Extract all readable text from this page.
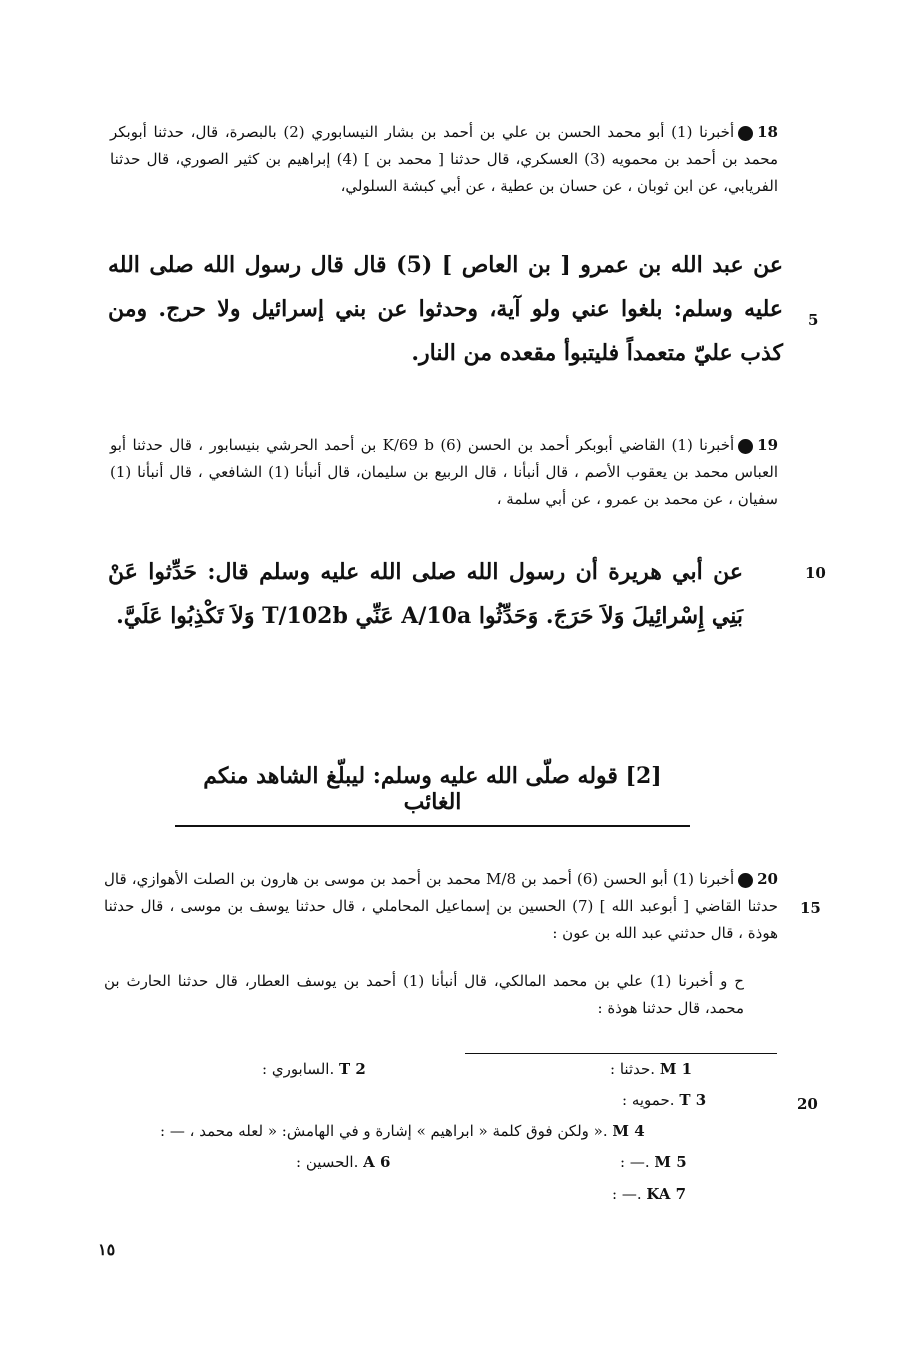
18أخبرنا (1) أبو محمد الحسن بن علي بن أحمد بن بشار النيسابوري (2) بالبصرة، قال، حدثنا أبوبكر محمد بن أحمد بن محمويه (3) العسكري، قال حدثنا [ محمد بن ] (4) إبراهيم بن كثير الصوري، قال حدثنا الفريابي، عن ابن ثوبان ، عن حسان بن عطية ، عن أبي كبشة السلولي،
عن عبد الله بن عمرو [ بن العاص ] (5) قال قال رسول الله صلى الله عليه وسلم: بلغوا عني ولو آية، وحدثوا عن بني إسرائيل ولا حرج. ومن كذب عليّ متعمداً فليتبوأ مقعده من النار.
5
19أخبرنا (1) القاضي أبوبكر أحمد بن الحسن (6) K/69 b بن أحمد الحرشي بنيسابور ، قال حدثنا أبو العباس محمد بن يعقوب الأصم ، قال أنبأنا ، قال الربيع بن سليمان، قال أنبأنا (1) الشافعي ، قال أنبأنا (1) سفيان ، عن محمد بن عمرو ، عن أبي سلمة ،
عن أبي هريرة أن رسول الله صلى الله عليه وسلم قال: حَدِّثوا عَنْ بَنِي إِسْرائِيلَ وَلاَ حَرَجَ. وَحَدِّثُوا A/10a عَنِّي T/102b وَلاَ تَكْذِبُوا عَلَيَّ.
10
[2] قوله صلّى الله عليه وسلم: ليبلّغ الشاهد منكم الغائب
20أخبرنا (1) أبو الحسن (6) أحمد بن M/8 محمد بن أحمد بن موسى بن هارون بن الصلت الأهوازي، قال حدثنا القاضي [ أبوعبد الله ] (7) الحسين بن إسماعيل المحاملي ، قال حدثنا يوسف بن موسى ، قال حدثنا هوذة ، قال حدثني عبد الله بن عون :
15
ح و أخبرنا (1) علي بن محمد المالكي، قال أنبأنا (1) أحمد بن يوسف العطار، قال حدثنا الحارث بن محمد، قال حدثنا هوذة :
: حدثنا. M 1
: السابوري. T 2
: حمويه. T 3	20
: — ، ولكن فوق كلمة « ابراهيم » إشارة و في الهامش: « لعله محمد ». M 4
: —. M 5
: الحسين. A 6
: —. KA 7
١٥
